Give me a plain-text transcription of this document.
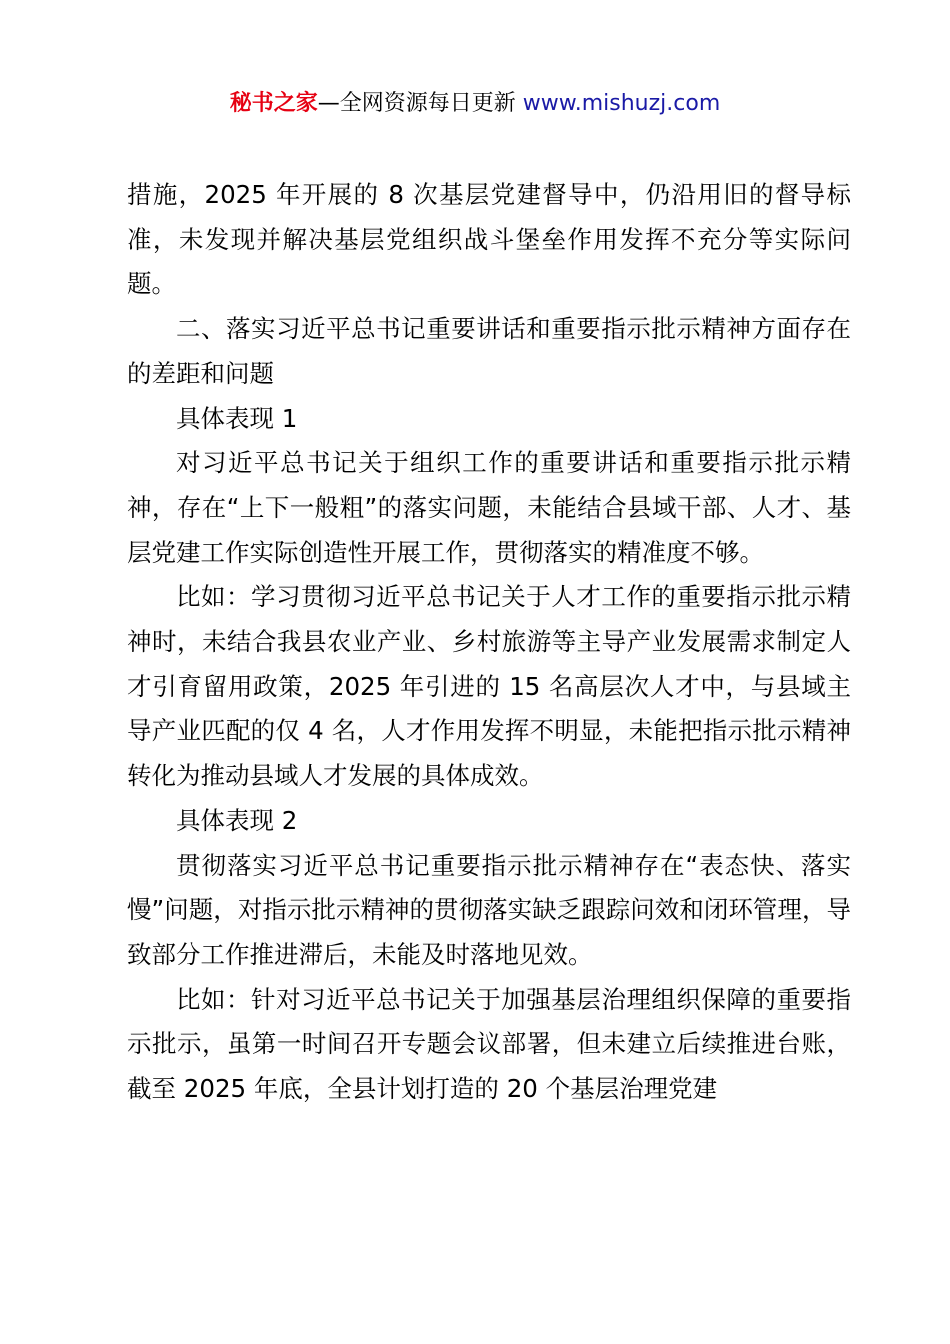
秘书之家—全网资源每日更新 www.mishuzj.com

措施，2025 年开展的 8 次基层党建督导中，仍沿用旧的督导标准，未发现并解决基层党组织战斗堡垒作用发挥不充分等实际问题。

二、落实习近平总书记重要讲话和重要指示批示精神方面存在的差距和问题

具体表现 1

对习近平总书记关于组织工作的重要讲话和重要指示批示精神，存在“上下一般粗”的落实问题，未能结合县域干部、人才、基层党建工作实际创造性开展工作，贯彻落实的精准度不够。

比如：学习贯彻习近平总书记关于人才工作的重要指示批示精神时，未结合我县农业产业、乡村旅游等主导产业发展需求制定人才引育留用政策，2025 年引进的 15 名高层次人才中，与县域主导产业匹配的仅 4 名，人才作用发挥不明显，未能把指示批示精神转化为推动县域人才发展的具体成效。

具体表现 2

贯彻落实习近平总书记重要指示批示精神存在“表态快、落实慢”问题，对指示批示精神的贯彻落实缺乏跟踪问效和闭环管理，导致部分工作推进滞后，未能及时落地见效。

比如：针对习近平总书记关于加强基层治理组织保障的重要指示批示，虽第一时间召开专题会议部署，但未建立后续推进台账，截至 2025 年底，全县计划打造的 20 个基层治理党建
